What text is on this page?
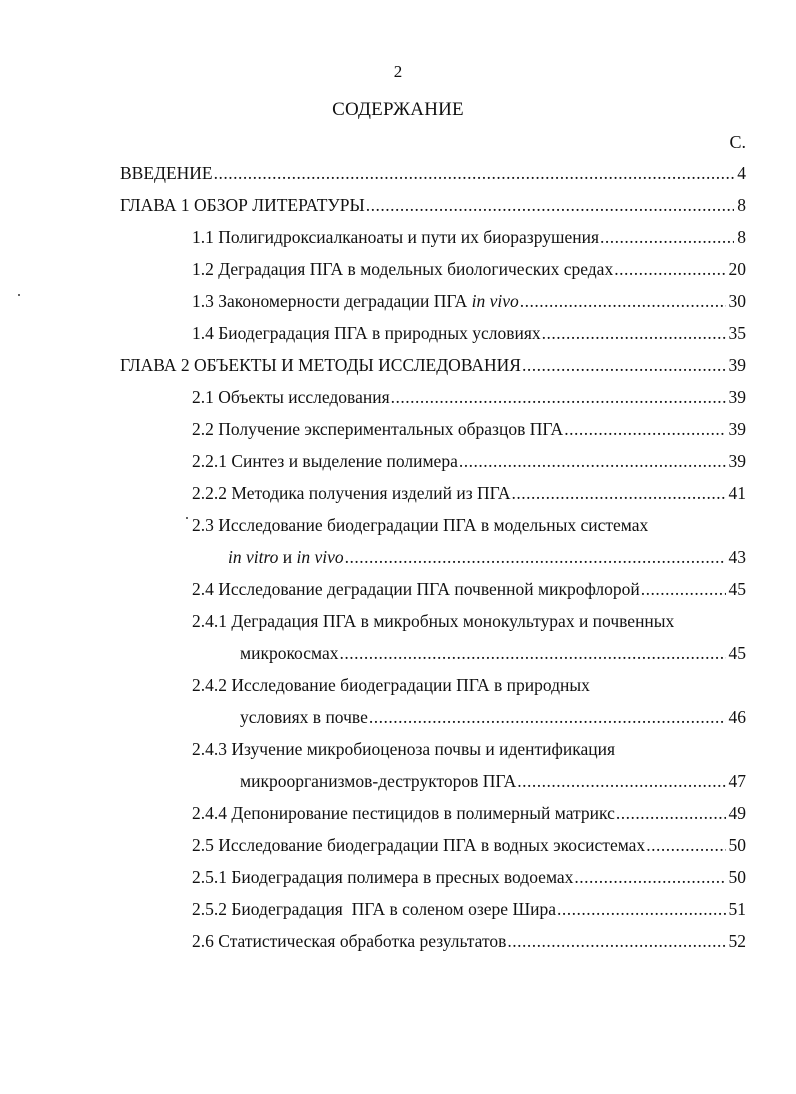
2
СОДЕРЖАНИЕ
С.
ВВЕДЕНИЕ .....	4
ГЛАВА 1 ОБЗОР ЛИТЕРАТУРЫ .....	8
1.1 Полигидроксиалканоаты и пути их биоразрушения .....	8
1.2 Деградация ПГА в модельных биологических средах .....	20
1.3 Закономерности деградации ПГА in vivo .....	30
1.4 Биодеградация ПГА в природных условиях .....	35
ГЛАВА 2 ОБЪЕКТЫ И МЕТОДЫ ИССЛЕДОВАНИЯ .....	39
2.1 Объекты исследования .....	39
2.2 Получение экспериментальных образцов ПГА .....	39
2.2.1 Синтез и выделение полимера .....	39
2.2.2 Методика получения изделий из ПГА .....	41
2.3 Исследование биодеградации ПГА в модельных системах
in vitro и in vivo .....	43
2.4 Исследование деградации ПГА почвенной микрофлорой .....	45
2.4.1 Деградация ПГА в микробных монокультурах и почвенных
микрокосмах .....	45
2.4.2 Исследование биодеградации ПГА в природных
условиях в почве .....	46
2.4.3 Изучение микробиоценоза почвы и идентификация
микроорганизмов-деструкторов ПГА .....	47
2.4.4 Депонирование пестицидов в полимерный матрикс .....	49
2.5 Исследование биодеградации ПГА в водных экосистемах .....	50
2.5.1 Биодеградация полимера в пресных водоемах .....	50
2.5.2 Биодеградация  ПГА в соленом озере Шира .....	51
2.6 Статистическая обработка результатов .....	52
